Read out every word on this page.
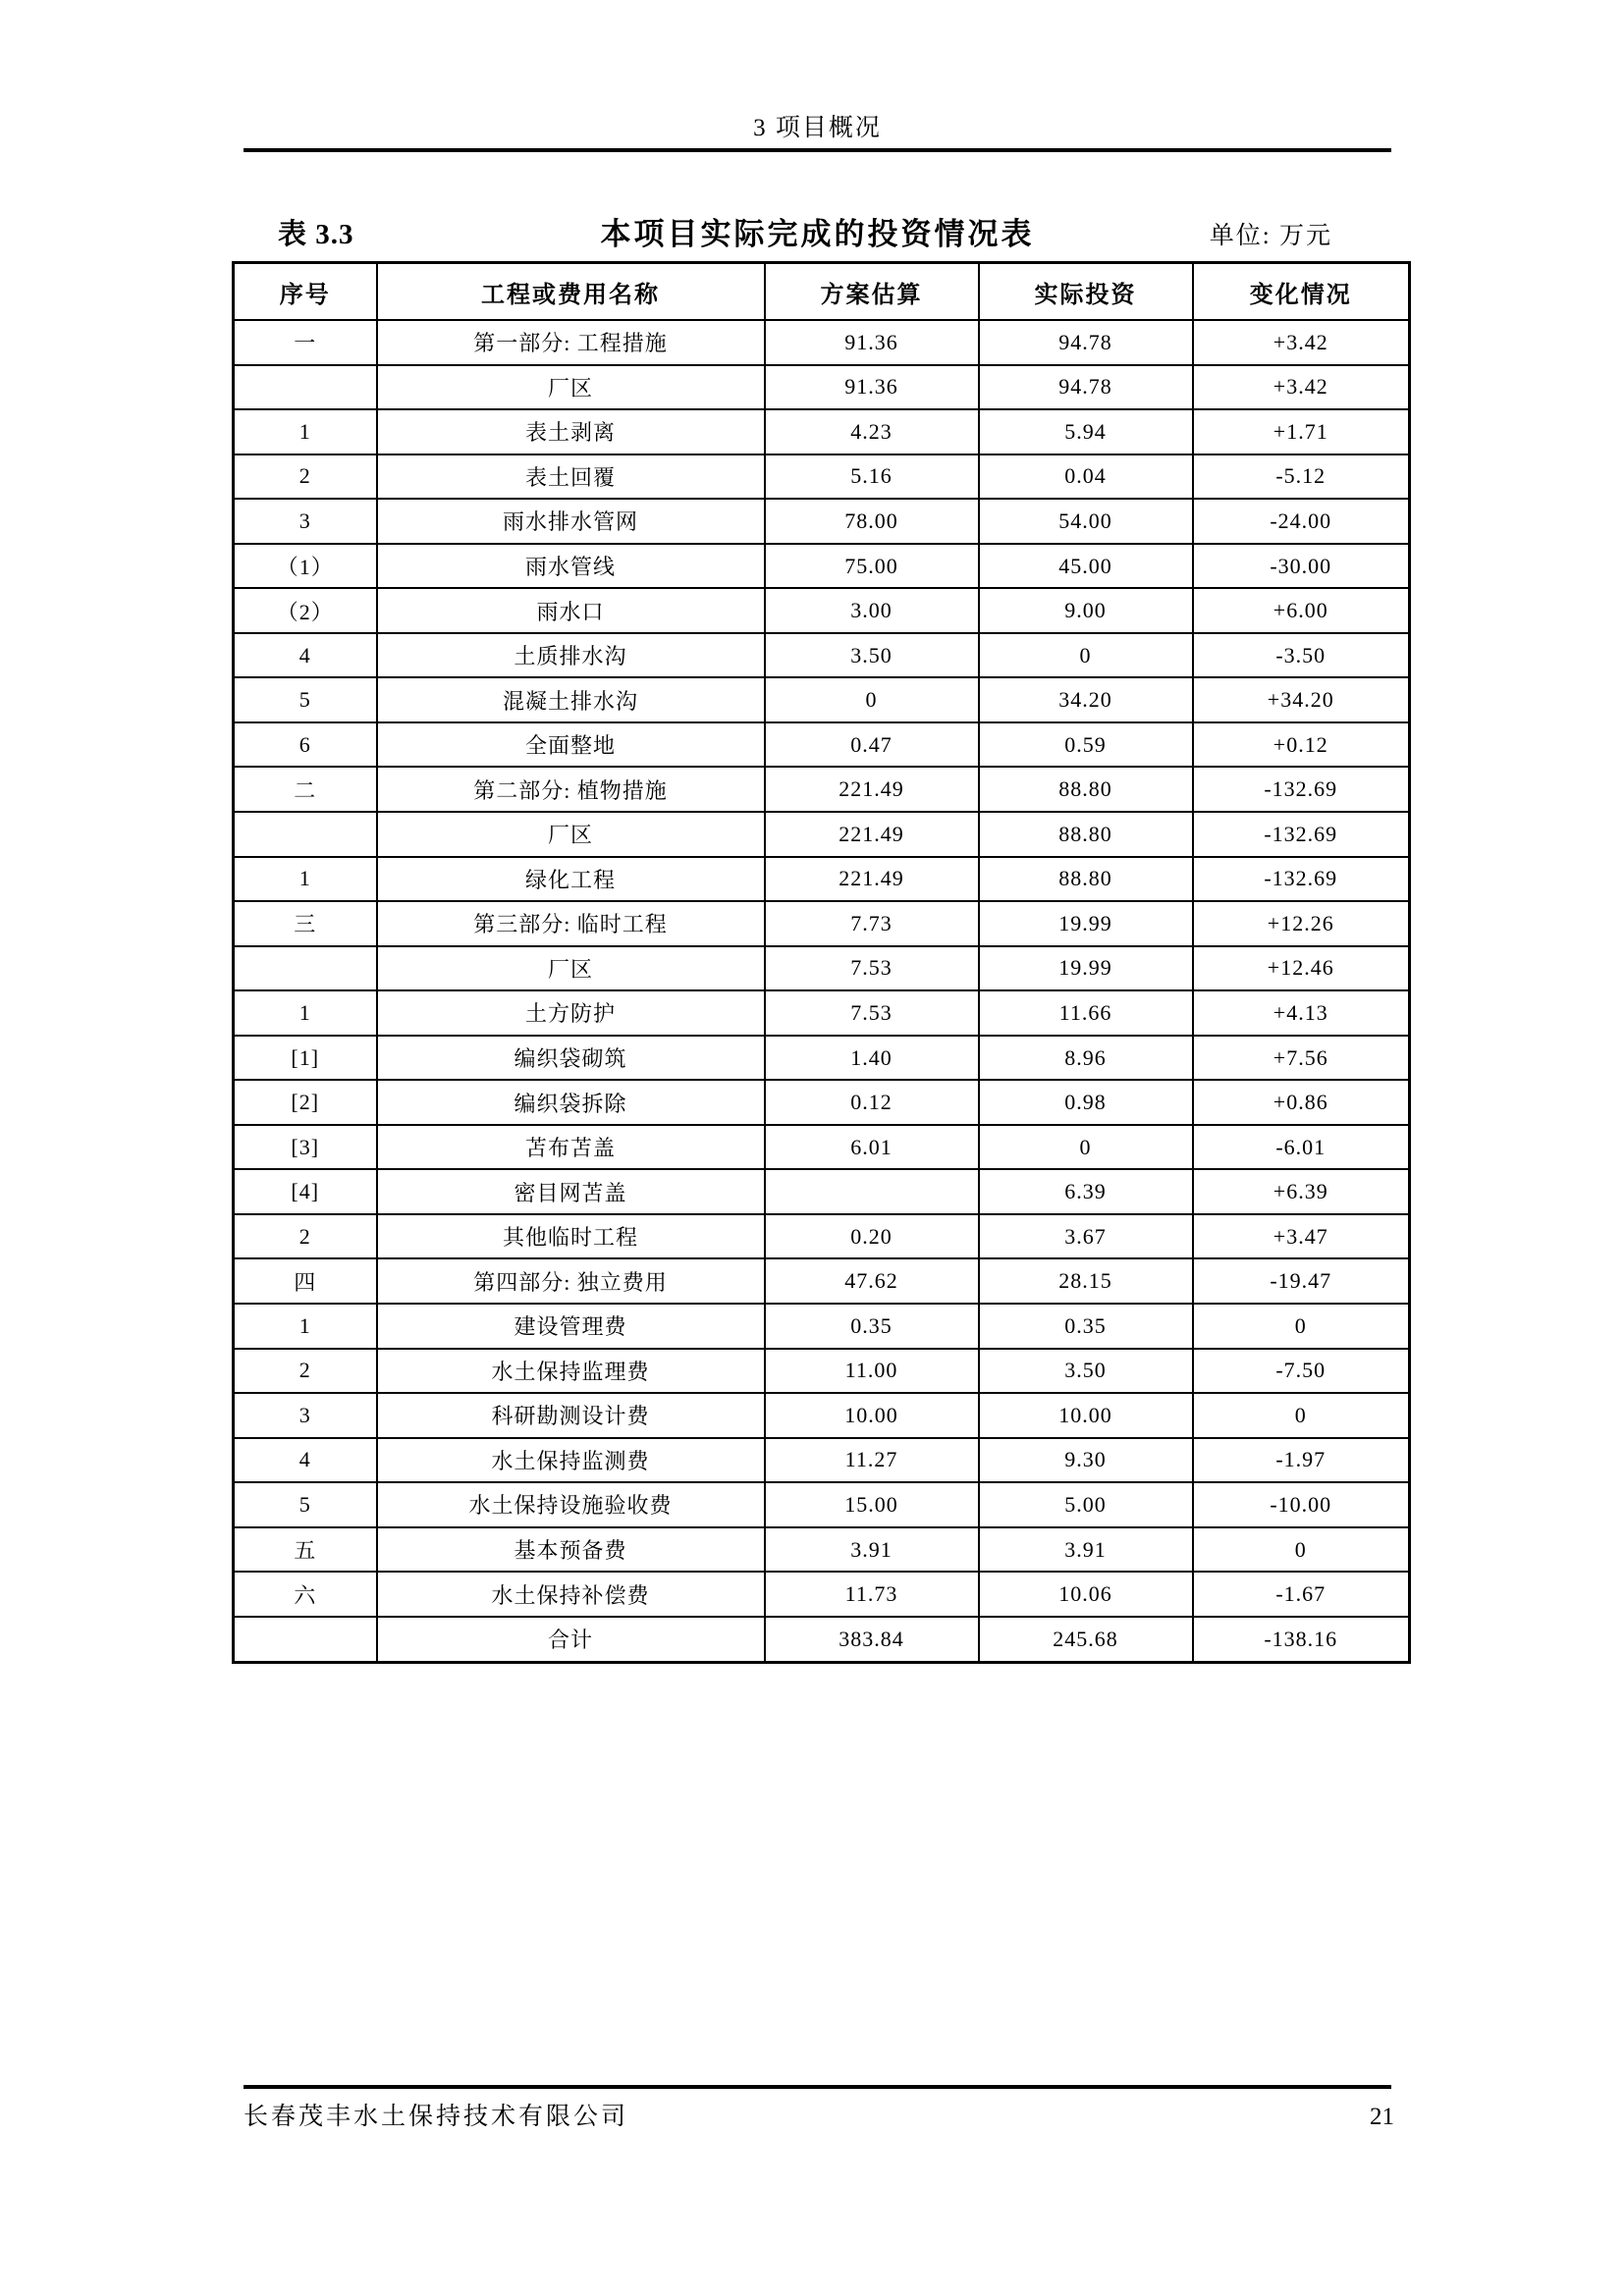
3 项目概况
表 3.3	本项目实际完成的投资情况表	单位: 万元
序号	工程或费用名称	方案估算	实际投资	变化情况
一	第一部分: 工程措施	91.36	94.78	+3.42
	厂区	91.36	94.78	+3.42
1	表土剥离	4.23	5.94	+1.71
2	表土回覆	5.16	0.04	-5.12
3	雨水排水管网	78.00	54.00	-24.00
（1）	雨水管线	75.00	45.00	-30.00
（2）	雨水口	3.00	9.00	+6.00
4	土质排水沟	3.50	0	-3.50
5	混凝土排水沟	0	34.20	+34.20
6	全面整地	0.47	0.59	+0.12
二	第二部分: 植物措施	221.49	88.80	-132.69
	厂区	221.49	88.80	-132.69
1	绿化工程	221.49	88.80	-132.69
三	第三部分: 临时工程	7.73	19.99	+12.26
	厂区	7.53	19.99	+12.46
1	土方防护	7.53	11.66	+4.13
[1]	编织袋砌筑	1.40	8.96	+7.56
[2]	编织袋拆除	0.12	0.98	+0.86
[3]	苫布苫盖	6.01	0	-6.01
[4]	密目网苫盖		6.39	+6.39
2	其他临时工程	0.20	3.67	+3.47
四	第四部分: 独立费用	47.62	28.15	-19.47
1	建设管理费	0.35	0.35	0
2	水土保持监理费	11.00	3.50	-7.50
3	科研勘测设计费	10.00	10.00	0
4	水土保持监测费	11.27	9.30	-1.97
5	水土保持设施验收费	15.00	5.00	-10.00
五	基本预备费	3.91	3.91	0
六	水土保持补偿费	11.73	10.06	-1.67
	合计	383.84	245.68	-138.16
长春茂丰水土保持技术有限公司	21
